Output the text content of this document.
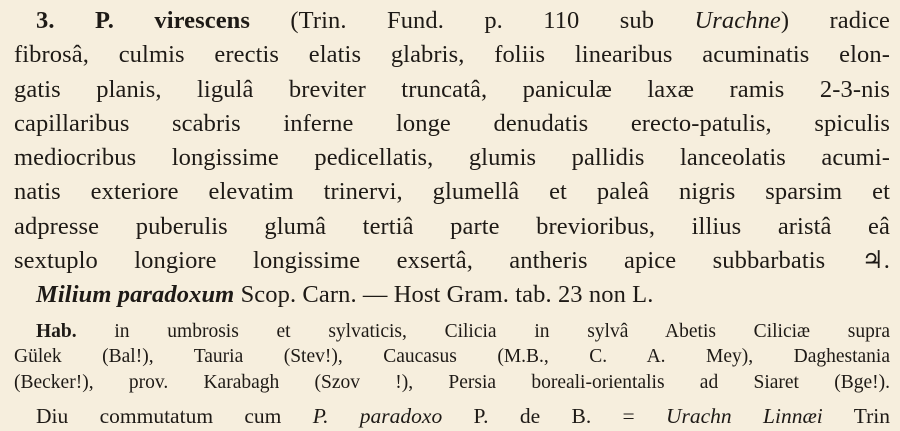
3. P. virescens (Trin. Fund. p. 110 sub Urachne) radice
fibrosâ, culmis erectis elatis glabris, foliis linearibus acuminatis elon-
gatis planis, ligulâ breviter truncatâ, paniculæ laxæ ramis 2-3-nis
capillaribus scabris inferne longe denudatis erecto-patulis, spiculis
mediocribus longissime pedicellatis, glumis pallidis lanceolatis acumi-
natis exteriore elevatim trinervi, glumellâ et paleâ nigris sparsim et
adpresse puberulis glumâ tertiâ parte brevioribus, illius aristâ eâ
sextuplo longiore longissime exsertâ, antheris apice subbarbatis ♃.
Milium paradoxum Scop. Carn. — Host Gram. tab. 23 non L.
Hab. in umbrosis et sylvaticis, Cilicia in sylvâ Abetis Ciliciæ supra
Gülek (Bal!), Tauria (Stev!), Caucasus (M.B., C. A. Mey), Daghestania
(Becker!), prov. Karabagh (Szov !), Persia boreali-orientalis ad Siaret (Bge!).
Diu commutatum cum P. paradoxo P. de B. = Urachn Linnæi Trin
